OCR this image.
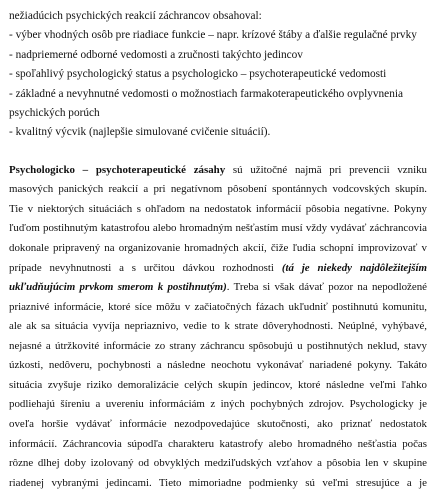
nežiadúcich psychických reakcií záchrancov obsahoval:
- výber vhodných osôb pre riadiace funkcie – napr. krízové štáby a ďalšie regulačné prvky
- nadpriemerné odborné vedomosti a zručnosti takýchto jedincov
- spoľahlivý psychologický status a psychologicko – psychoterapeutické vedomosti
- základné a nevyhnutné vedomosti o možnostiach farmakoterapeutického ovplyvnenia
psychických porúch
- kvalitný výcvik (najlepšie simulované cvičenie situácií).
Psychologicko – psychoterapeutické zásahy sú užitočné najmä pri prevencii vzniku
masových panických reakcií a pri negatívnom pôsobení spontánnych vodcovských skupín.
Tie v niektorých situáciách s ohľadom na nedostatok informácií pôsobia negatívne. Pokyny
ľuďom postihnutým katastrofou alebo hromadným nešťastím musí vždy vydávať záchrancovia
dokonale pripravený na organizovanie hromadných akcií, čiže ľudia schopní improvizovať v
prípade nevyhnutnosti a s určitou dávkou rozhodnosti (tá je niekedy najdôležitejším
ukľudňujúcim prvkom smerom k postihnutým). Treba si však dávať pozor na nepodložené
priaznivé informácie, ktoré síce môžu v začiatočných fázach ukľudniť postihnutú komunitu,
ale ak sa situácia vyvíja nepriaznivo, vedie to k strate dôveryhodnosti. Neúplné, vyhýbavé,
nejasné a útržkovité informácie zo strany záchrancu spôsobujú u postihnutých neklud, stavy
úzkosti, nedôveru, pochybnosti a následne neochotu vykonávať nariadené pokyny. Takáto
situácia zvyšuje riziko demoralizácie celých skupín jedincov, ktoré následne veľmi ľahko
podliehajú šíreniu a uvereniu informáciám z iných pochybných zdrojov. Psychologicky je
oveľa horšie vydávať informácie nezodpovedajúce skutočnosti, ako priznať nedostatok
informácií. Záchrancovia súpodľa charakteru katastrofy alebo hromadného nešťastia počas
rôzne dlhej doby izolovaný od obvyklých medziľudských vzťahov a pôsobia len v skupine
riadenej vybranými jedincami. Tieto mimoriadne podmienky sú veľmi stresujúce a je
